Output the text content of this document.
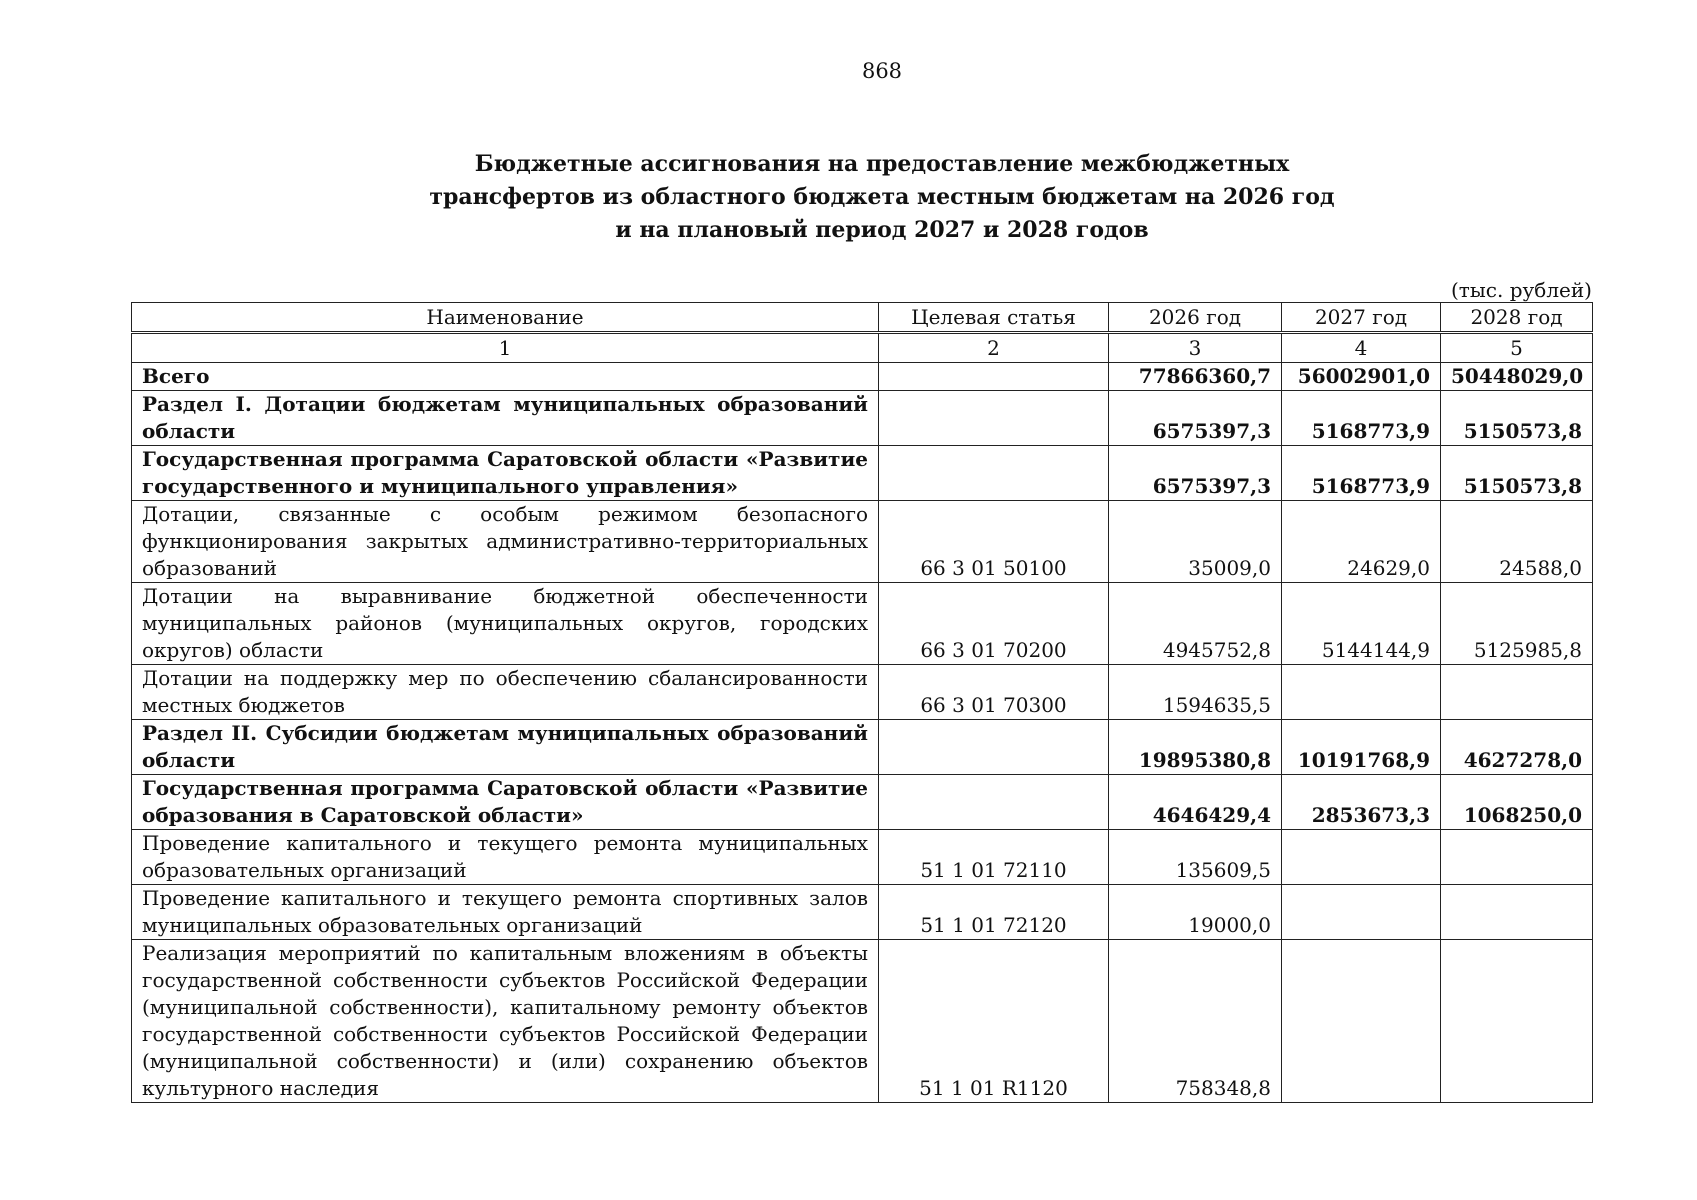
868
Бюджетные ассигнования на предоставление межбюджетных
трансфертов из областного бюджета местным бюджетам на 2026 год
и на плановый период 2027 и 2028 годов
(тыс. рублей)
Наименование	Целевая статья	2026 год	2027 год	2028 год
1	2	3	4	5
Всего		77866360,7	56002901,0	50448029,0
Раздел I. Дотации бюджетам муниципальных образований области		6575397,3	5168773,9	5150573,8
Государственная программа Саратовской области «Развитие государственного и муниципального управления»		6575397,3	5168773,9	5150573,8
Дотации, связанные с особым режимом безопасного функционирования закрытых административно-территориальных образований	66 3 01 50100	35009,0	24629,0	24588,0
Дотации на выравнивание бюджетной обеспеченности муниципальных районов (муниципальных округов, городских округов) области	66 3 01 70200	4945752,8	5144144,9	5125985,8
Дотации на поддержку мер по обеспечению сбалансированности местных бюджетов	66 3 01 70300	1594635,5		
Раздел II. Субсидии бюджетам муниципальных образований области		19895380,8	10191768,9	4627278,0
Государственная программа Саратовской области «Развитие образования в Саратовской области»		4646429,4	2853673,3	1068250,0
Проведение капитального и текущего ремонта муниципальных образовательных организаций	51 1 01 72110	135609,5		
Проведение капитального и текущего ремонта спортивных залов муниципальных образовательных организаций	51 1 01 72120	19000,0		
Реализация мероприятий по капитальным вложениям в объекты государственной собственности субъектов Российской Федерации (муниципальной собственности), капитальному ремонту объектов государственной собственности субъектов Российской Федерации (муниципальной собственности) и (или) сохранению объектов культурного наследия	51 1 01 R1120	758348,8		
